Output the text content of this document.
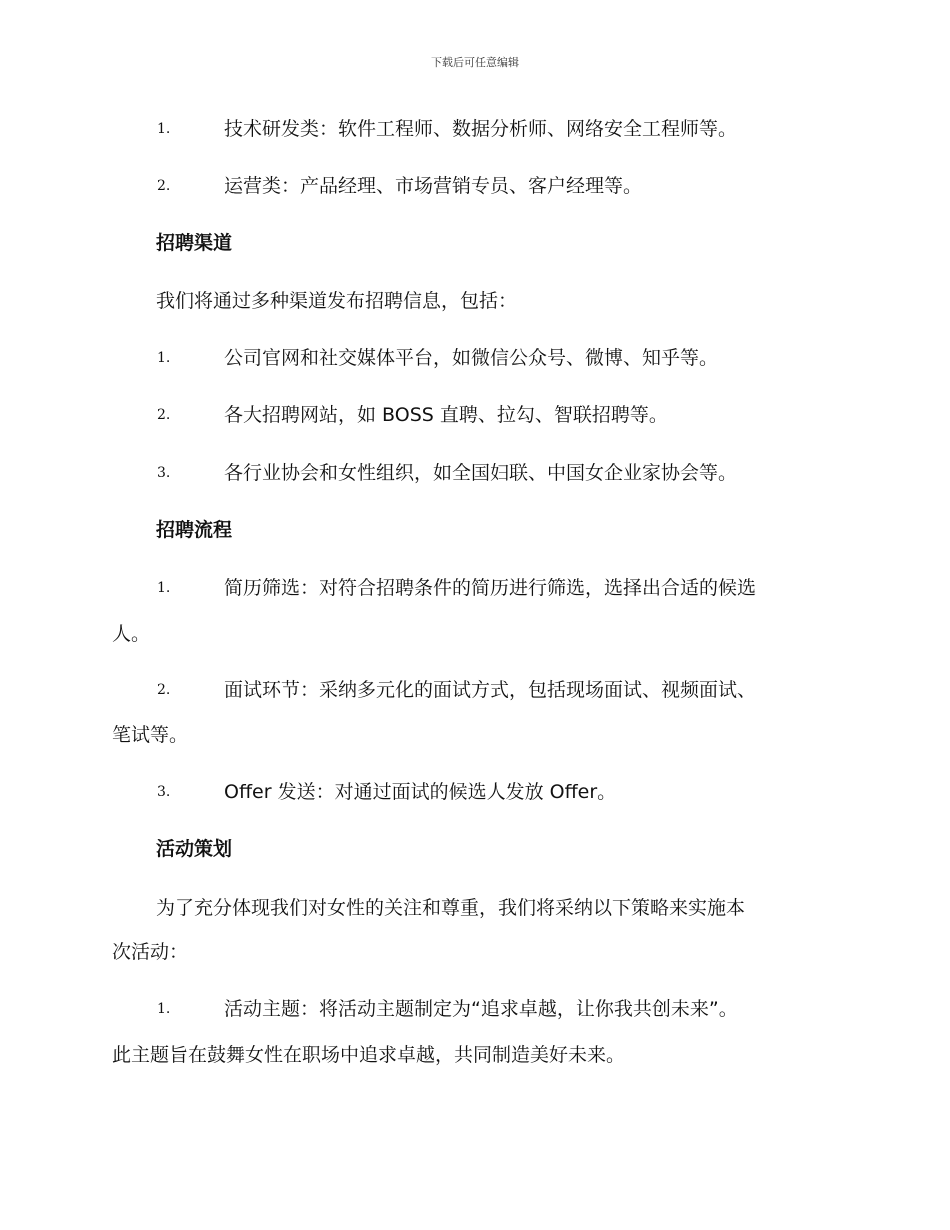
下载后可任意编辑
1.	技术研发类：软件工程师、数据分析师、网络安全工程师等。
2.	运营类：产品经理、市场营销专员、客户经理等。
招聘渠道
我们将通过多种渠道发布招聘信息，包括：
1.	公司官网和社交媒体平台，如微信公众号、微博、知乎等。
2.	各大招聘网站，如 BOSS 直聘、拉勾、智联招聘等。
3.	各行业协会和女性组织，如全国妇联、中国女企业家协会等。
招聘流程
1.	简历筛选：对符合招聘条件的简历进行筛选，选择出合适的候选
人。
2.	面试环节：采纳多元化的面试方式，包括现场面试、视频面试、
笔试等。
3.	Offer 发送：对通过面试的候选人发放 Offer。
活动策划
为了充分体现我们对女性的关注和尊重，我们将采纳以下策略来实施本
次活动：
1.	活动主题：将活动主题制定为“追求卓越，让你我共创未来”。
此主题旨在鼓舞女性在职场中追求卓越，共同制造美好未来。
